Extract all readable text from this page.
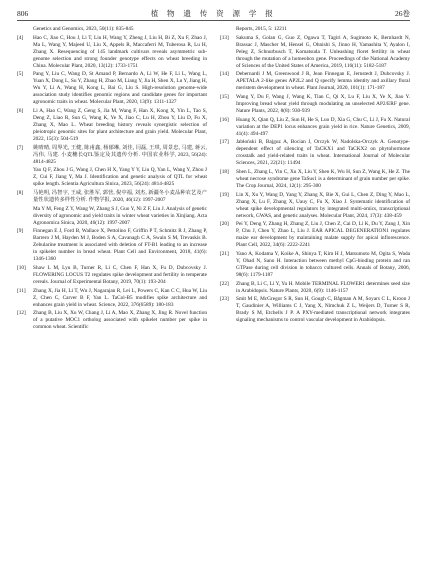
806	植 物 遗 传 资 源 学 报	26卷
Genetics and Genomics, 2023, 50(11): 835-845
[4] Hao C, Jiao C, Hou J, Li T, Liu H, Wang Y, Zheng J, Liu H, Bi Z, Xu F, Zhao J, Ma L, Wang Y, Majeed U, Liu X, Appels R, Maccaferri M, Tuberosa R, Lu H, Zhang X. Resequencing of 145 landmark cultivars reveals asymmetric sub-genome selection and strong founder genotype effects on wheat breeding in China. Molecular Plant, 2020, 13(12): 1733-1751
[5] Pang Y, Liu C, Wang D, St Amand P, Bernardo A, Li W, He F, Li L, Wang L, Yuan X, Dong L, Su Y, Zhang H, Zhao M, Liang Y, Jia H, Shen X, Lu Y, Jiang H, Wu Y, Li A, Wang H, Kong L, Bai G, Liu S. High-resolution genome-wide association study identifies genomic regions and candidate genes for important agronomic traits in wheat. Molecular Plant, 2020, 13(9): 1311-1327
[6] Li A, Hao C, Wang Z, Geng S, Jia M, Wang F, Han X, Kong X, Yin L, Tao S, Deng Z, Liao R, Sun G, Wang K, Ye X, Jiao C, Lu H, Zhou Y, Liu D, Fu X, Zhang X, Mao L. Wheat breeding history reveals synergistic selection of pleiotropic genomic sites for plant architecture and grain yield. Molecular Plant, 2022, 15(3): 504-519
[7] 姚晴晴, 周界光, 王健, 陈甫鑫, 杨郁琳, 刘佳, 闫磊, 王琪, 周景忠, 马建, 蒋云, 冯伟, 马建. 小麦穗长QTL鉴定及其遗传分析. 中国农业科学, 2023, 56(24): 4814-4825
Yao Q F, Zhou J G, Wang J, Chen H X, Yang Y Y, Liu Q, Yan L, Wang Y, Zhou J Z, Cui F, Jiang Y, Ma J. Identification and genetic analysis of QTL for wheat spike length. Scientia Agricultura Sinica, 2023, 56(24): 4814-4825
[8] 马艳明, 冯智宇, 王威, 张胜军, 郭营, 倪中福, 刘杰, 新疆冬小麦品种农艺及产量性状遗传多样性分析. 作物学报, 2020, 46(12): 1997-2007
Ma Y M, Feng Z Y, Wang W, Zhang S J, Guo Y, Ni Z F, Liu J. Analysis of genetic diversity of agronomic and yield traits in winter wheat varieties in Xinjiang. Acta Agronomica Sinica, 2020, 46(12): 1997-2007
[9] Finnegan E J, Ford B, Wallace X, Pettolino F, Griffin P T, Schmitz R J, Zhang P, Barrero J M, Hayden M J, Boden S A, Cavanagh C A, Swain S M, Trevaskis B. Zebularine treatment is associated with deletion of FT-B1 leading to an increase in spikelet number in bread wheat. Plant Cell and Environment, 2018, 41(6): 1346-1360
[10] Shaw L M, Lyu B, Turner R, Li C, Chen F, Han X, Fu D, Dubcovsky J. FLOWERING LOCUS T2 regulates spike development and fertility in temperate cereals. Journal of Experimental Botany, 2019, 70(1): 193-204
[11] Zhang X, Jia H, Li T, Wu J, Nagarajan R, Lei L, Powers C, Kan C C, Hua W, Liu Z, Chen C, Carver B F, Yan L. TaCol-B5 modifies spike architecture and enhances grain yield in wheat. Science, 2022, 376(6589): 180-183
[12] Zhang B, Liu X, Xu W, Chang J, Li A, Mao X, Zhang X, Jing R. Novel function of a putative MOC1 ortholog associated with spikelet number per spike in common wheat. Scientific
Reports, 2015, 5: 12211
[13] Sakuma S, Golan G, Guo Z, Ogawa T, Tagiri A, Sugimoto K, Bernhardt N, Brassac J, Mascher M, Hensel G, Ohnishi S, Jinno H, Yamashita Y, Ayalon I, Peleg Z, Schnurbusch T, Komatsuda T. Unleashing floret fertility in wheat through the mutation of a homeobox gene. Proceedings of the National Academy of Sciences of the United States of America, 2019, 116(11): 5182-5187
[14] Debernardi J M, Greenwood J R, Jean Finnegan E, Jernstedt J, Dubcovsky J. APETALA 2-like genes AP2L2 and Q specify lemma identity and axillary floral meristem development in wheat. Plant Journal, 2020, 101(1): 171-187
[15] Wang Y, Du F, Wang J, Wang K, Tian C, Qi X, Lu F, Liu X, Ye X, Jiao Y. Improving bread wheat yield through modulating an unselected AP2/ERF gene. Nature Plants, 2022, 8(8): 930-939
[16] Huang X, Qian Q, Liu Z, Sun H, He S, Luo D, Xia G, Chu C, Li J, Fu X. Natural variation at the DEP1 locus enhances grain yield in rice. Nature Genetics, 2009, 41(4): 494-497
[17] Jabłoński B, Bajguz A, Bocian J, Orczyk W, Nadolska-Orczyk A. Genotype-dependent effect of silencing of TaCKX1 and TaCKX2 on phytohormone crosstalk and yield-related traits in wheat. International Journal of Molecular Sciences, 2021, 22(21): 11494
[18] Shen L, Zhang L, Yin C, Xu X, Liu Y, Shen K, Wu H, Sun Z, Wang K, He Z. The wheat necrose syndrome gene TaSus1 is a determinant of grain number per spike. The Crop Journal, 2024, 12(1): 295-300
[19] Lin X, Xu Y, Wang D, Yang Y, Zhang X, Bie X, Gui L, Chen Z, Ding Y, Mao L, Zhang X, Lu F, Zhang X, Uauy C, Fu X, Xiao J. Systematic identification of wheat spike developmental regulators by integrated multi-omics, transcriptional network, GWAS, and genetic analyses. Molecular Plant, 2024, 17(3): 438-459
[20] Pei Y, Deng Y, Zhang H, Zhang Z, Liu J, Chen Z, Cai D, Li K, Du Y, Zang J, Xin P, Chu J, Chen Y, Zhao L, Liu J. EAR APICAL DEGENERATION1 regulates maize ear development by maintaining malate supply for apical inflorescence. Plant Cell, 2022, 34(6): 2222-2241
[21] Yano A, Kodama Y, Koike A, Shinya T, Kim H J, Matsumoto M, Ogita S, Wada Y, Ohad N, Sano H. Interaction between methyl CpG-binding protein and ran GTPase during cell division in tobacco cultured cells. Annals of Botany, 2006, 98(6): 1179-1187
[22] Zhang B, Li C, Li Y, Yu H. Mobile TERMINAL FLOWER1 determines seed size in Arabidopsis. Nature Plants, 2020, 6(9): 1146-1157
[23] Smit M E, McGregor S R, Sun H, Gough C, Bågman A M, Soyars C L, Kroon J T, Gaudinier A, Williams C J, Yang X, Nimchuk Z L, Weijers D, Turner S R, Brady S M, Etchells J P. A PXY-mediated transcriptional network integrates signaling mechanisms to control vascular development in Arabidopsis.
